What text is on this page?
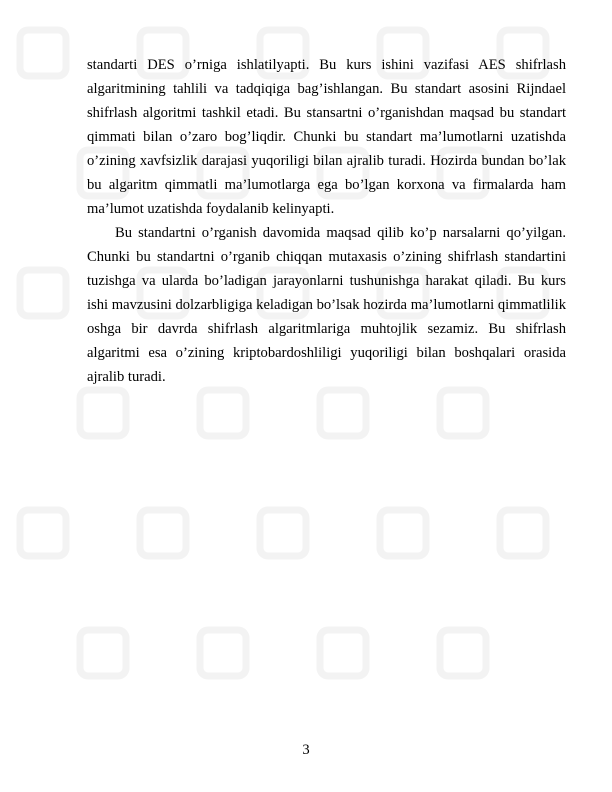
standarti DES o’rniga ishlatilyapti. Bu kurs ishini vazifasi AES shifrlash algaritmining tahlili va tadqiqiga bag’ishlangan. Bu standart asosini Rijndael shifrlash algoritmi tashkil etadi. Bu stansartni o’rganishdan maqsad bu standart qimmati bilan o’zaro bog’liqdir. Chunki bu standart ma’lumotlarni uzatishda o’zining xavfsizlik darajasi yuqoriligi bilan ajralib turadi. Hozirda bundan bo’lak bu algaritm qimmatli ma’lumotlarga ega bo’lgan korxona va firmalarda ham ma’lumot uzatishda foydalanib kelinyapti.

Bu standartni o’rganish davomida maqsad qilib ko’p narsalarni qo’yilgan. Chunki bu standartni o’rganib chiqqan mutaxasis o’zining shifrlash standartini tuzishga va ularda bo’ladigan jarayonlarni tushunishga harakat qiladi. Bu kurs ishi mavzusini dolzarbligiga keladigan bo’lsak hozirda ma’lumotlarni qimmatlilik oshga bir davrda shifrlash algaritmlariga muhtojlik sezamiz. Bu shifrlash algaritmi esa o’zining kriptobardoshliligi yuqoriligi bilan boshqalari orasida ajralib turadi.

3
